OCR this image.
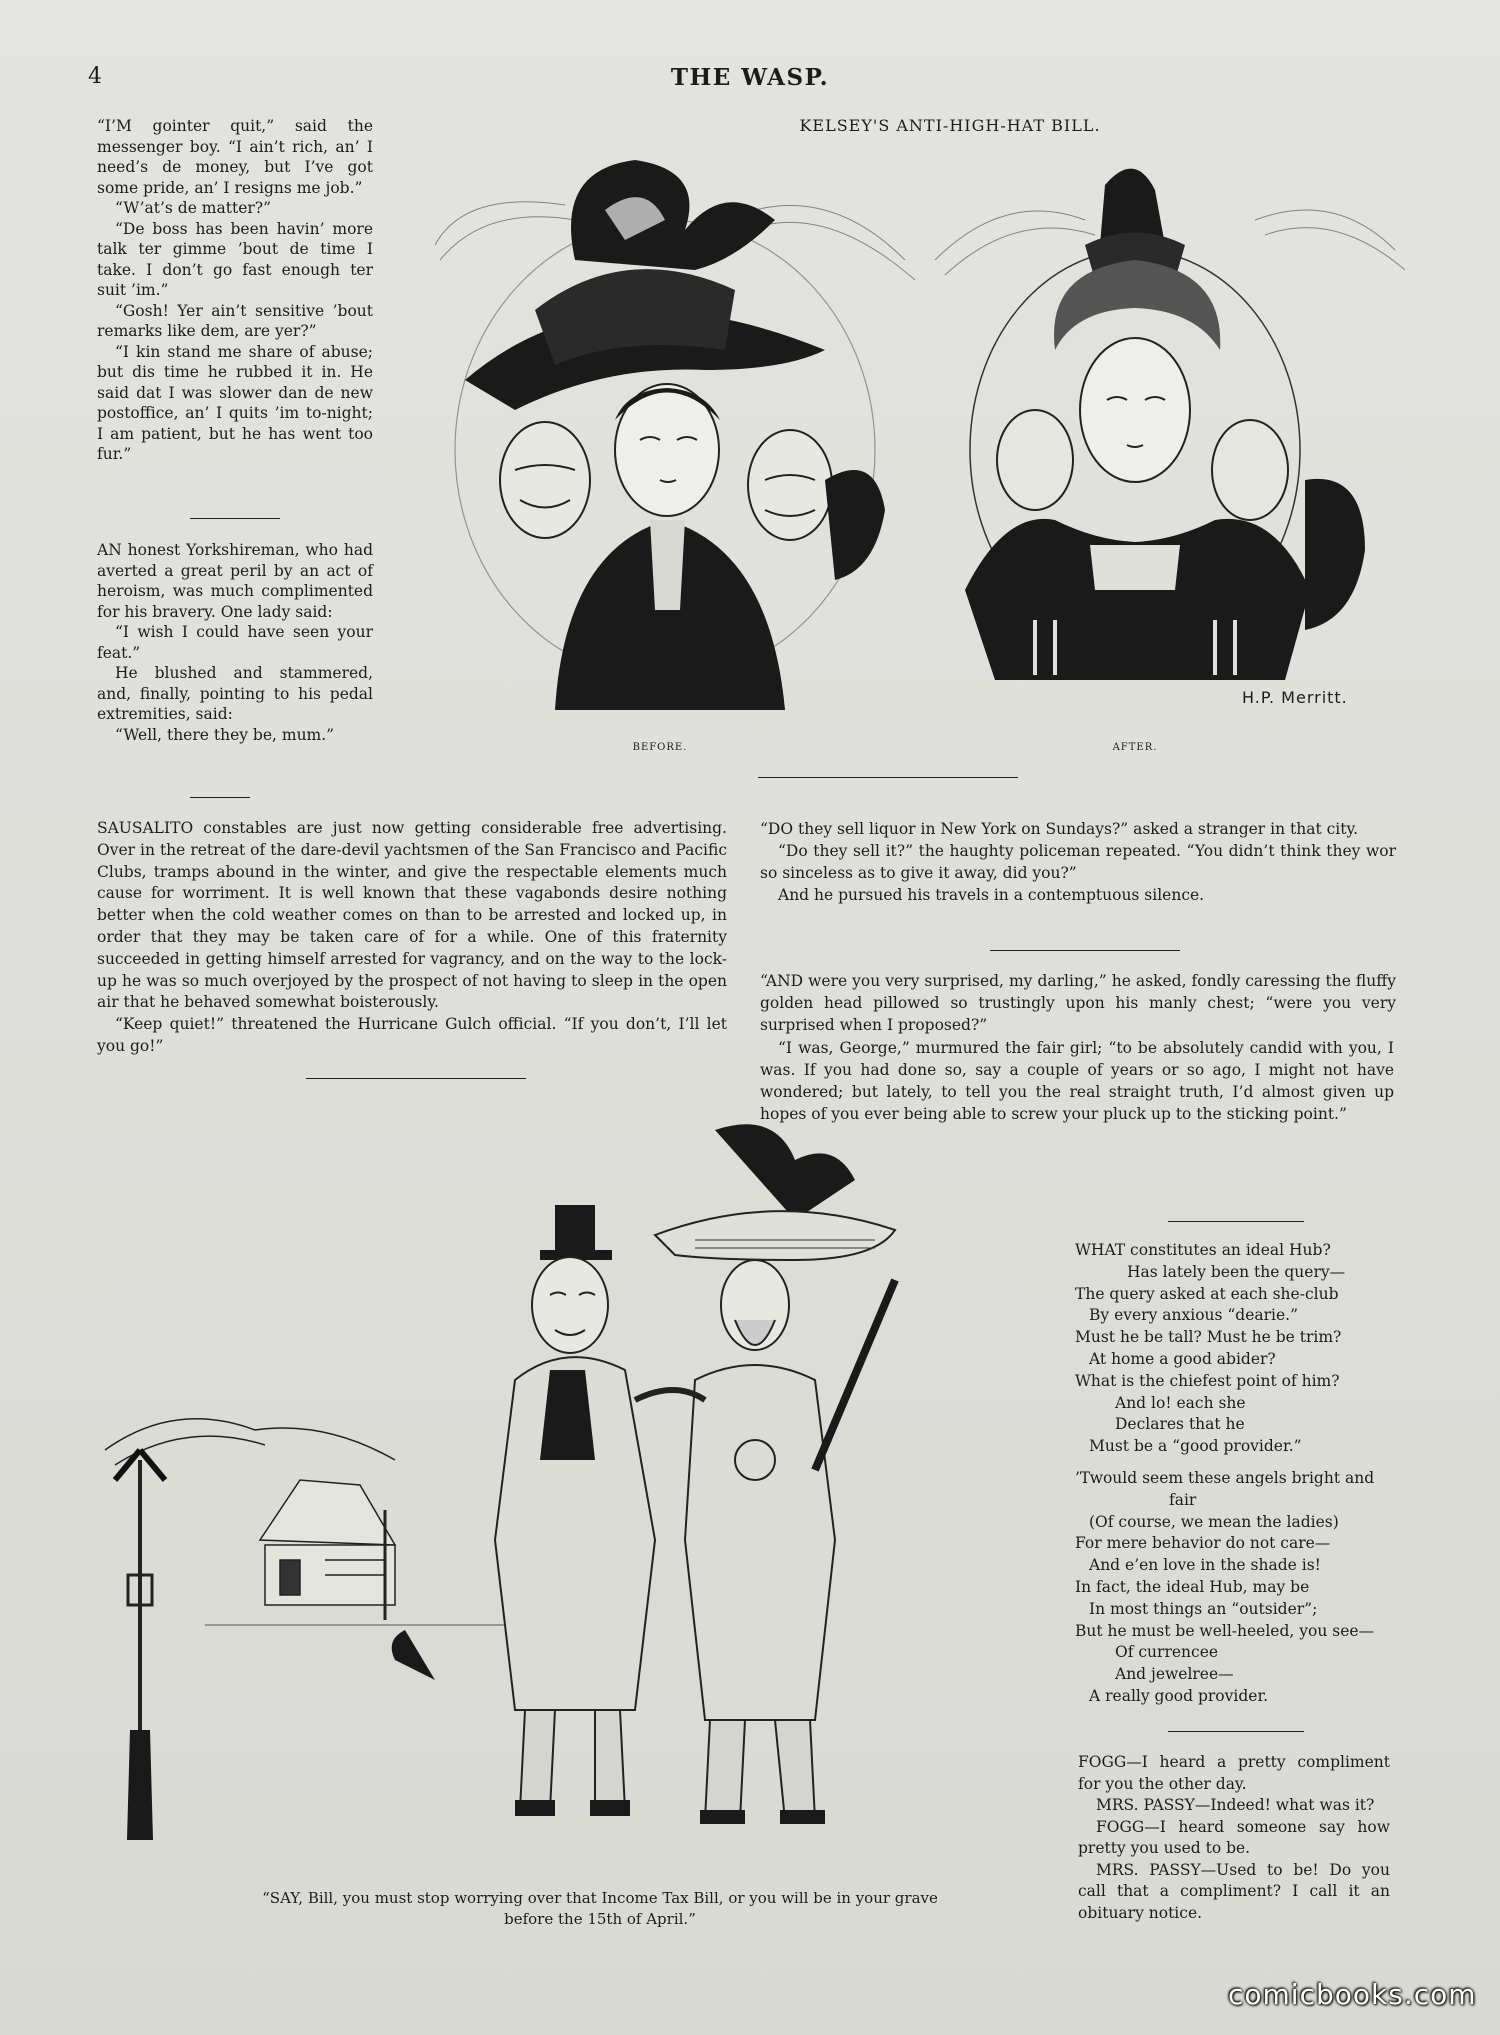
4	THE WASP.

“I’M gointer quit,” said the messenger boy. “I ain’t rich, an’ I need’s de money, but I’ve got some pride, an’ I resigns me job.”

“W’at’s de matter?”

“De boss has been havin’ more talk ter gimme ’bout de time I take. I don’t go fast enough ter suit ’im.”

“Gosh! Yer ain’t sensitive ’bout remarks like dem, are yer?”

“I kin stand me share of abuse; but dis time he rubbed it in. He said dat I was slower dan de new postoffice, an’ I quits ’im to-night; I am patient, but he has went too fur.”

AN honest Yorkshireman, who had averted a great peril by an act of heroism, was much complimented for his bravery. One lady said:

“I wish I could have seen your feat.”

He blushed and stammered, and, finally, pointing to his pedal extremities, said:

“Well, there they be, mum.”

KELSEY'S ANTI-HIGH-HAT BILL.
H.P. Merritt.
BEFORE.	AFTER.

SAUSALITO constables are just now getting considerable free advertising. Over in the retreat of the dare-devil yachtsmen of the San Francisco and Pacific Clubs, tramps abound in the winter, and give the respectable elements much cause for worriment. It is well known that these vagabonds desire nothing better when the cold weather comes on than to be arrested and locked up, in order that they may be taken care of for a while. One of this fraternity succeeded in getting himself arrested for vagrancy, and on the way to the lock-up he was so much overjoyed by the prospect of not having to sleep in the open air that he behaved somewhat boisterously.

“Keep quiet!” threatened the Hurricane Gulch official. “If you don’t, I’ll let you go!”

“DO they sell liquor in New York on Sundays?” asked a stranger in that city.

“Do they sell it?” the haughty policeman repeated. “You didn’t think they wor so sinceless as to give it away, did you?”

And he pursued his travels in a contemptuous silence.

“AND were you very surprised, my darling,” he asked, fondly caressing the fluffy golden head pillowed so trustingly upon his manly chest; “were you very surprised when I proposed?”

“I was, George,” murmured the fair girl; “to be absolutely candid with you, I was. If you had done so, say a couple of years or so ago, I might not have wondered; but lately, to tell you the real straight truth, I’d almost given up hopes of you ever being able to screw your pluck up to the sticking point.”

WHAT constitutes an ideal Hub?
Has lately been the query—
The query asked at each she-club
By every anxious “dearie.”
Must he be tall? Must he be trim?
At home a good abider?
What is the chiefest point of him?
And lo! each she
Declares that he
Must be a “good provider.”
’Twould seem these angels bright and
fair
(Of course, we mean the ladies)
For mere behavior do not care—
And e’en love in the shade is!
In fact, the ideal Hub, may be
In most things an “outsider”;
But he must be well-heeled, you see—
Of currencee
And jewelree—
A really good provider.

FOGG—I heard a pretty compliment for you the other day.

MRS. PASSY—Indeed! what was it?

FOGG—I heard someone say how pretty you used to be.

MRS. PASSY—Used to be! Do you call that a compliment? I call it an obituary notice.

“SAY, Bill, you must stop worrying over that Income Tax Bill, or you will be in your grave
before the 15th of April.”
comicbooks.com
